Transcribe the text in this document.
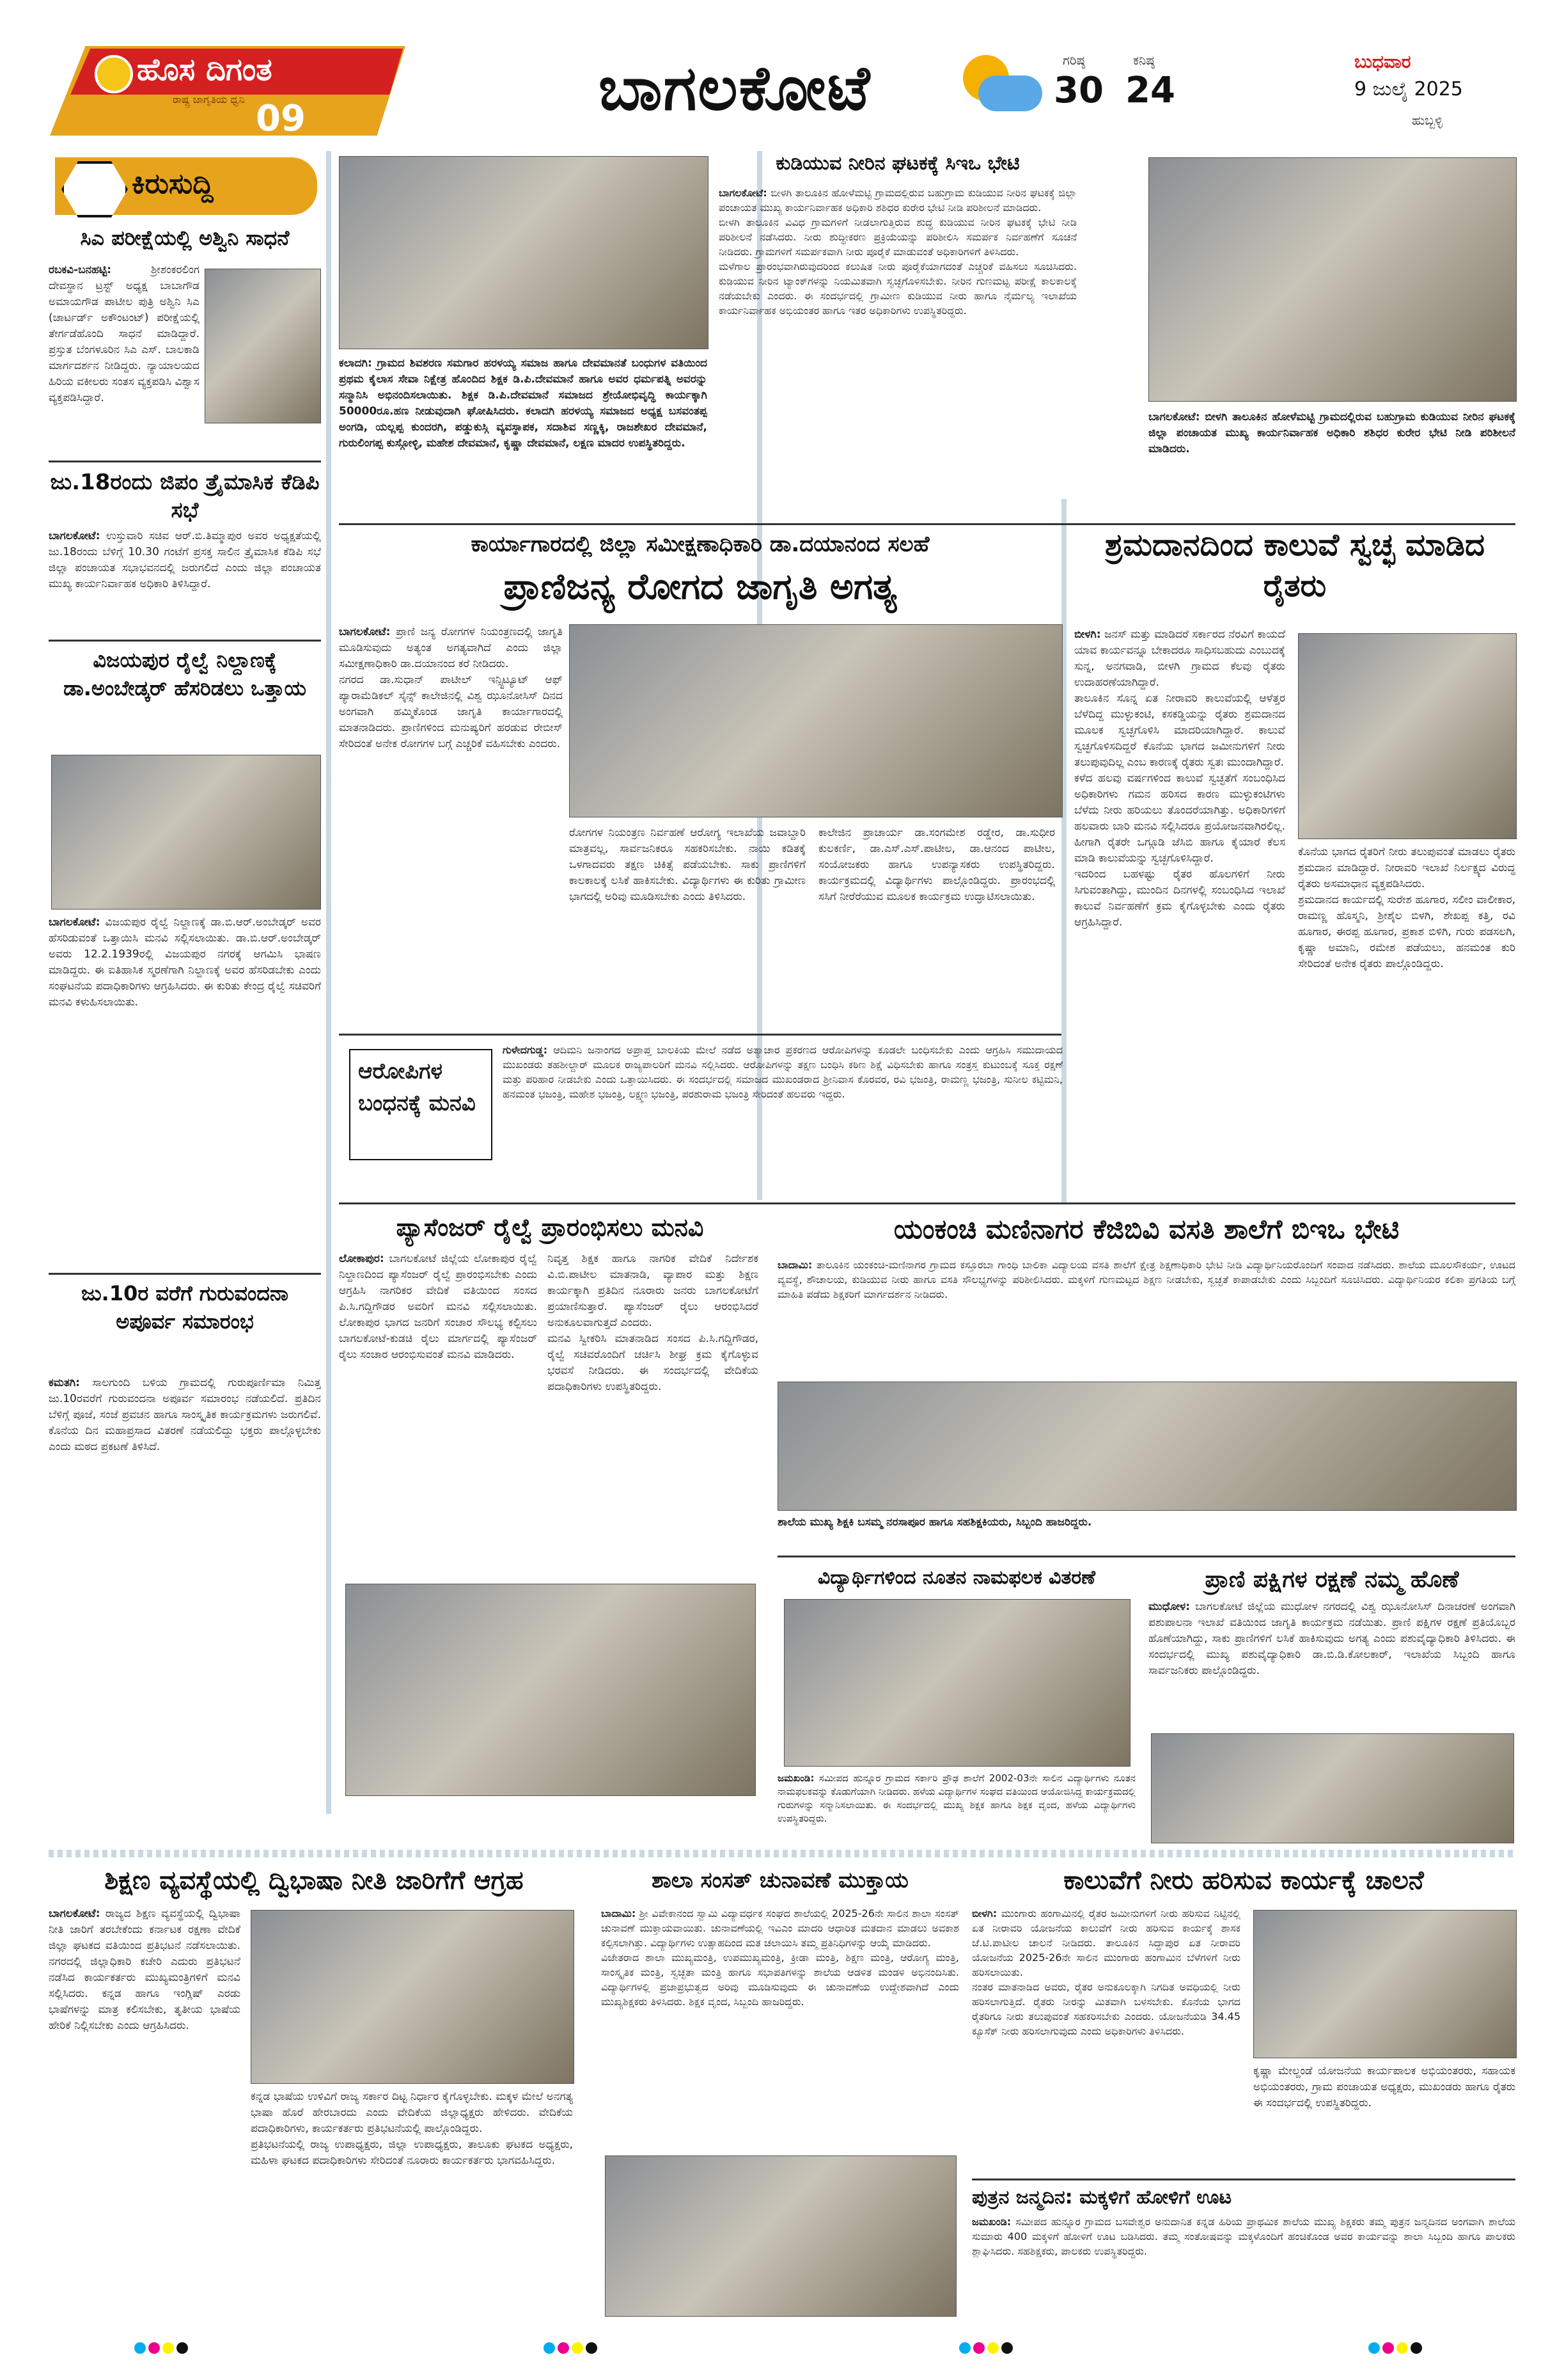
ಹೊಸ ದಿಗಂತ
ರಾಷ್ಟ್ರ ಜಾಗೃತಿಯ ಧ್ವನಿ 09	ಬಾಗಲಕೋಟೆ	ಗರಿಷ್ಠ
30
ಕನಿಷ್ಠ
24
ಬುಧವಾರ
9 ಜುಲೈ 2025
ಹುಬ್ಬಳ್ಳಿ
ಕಿರುಸುದ್ದಿ
ಸಿಎ ಪರೀಕ್ಷೆಯಲ್ಲಿ ಅಶ್ವಿನಿ ಸಾಧನೆ
ರಬಕವಿ-ಬನಹಟ್ಟಿ:	ಶ್ರೀಶಂಕರಲಿಂಗ ದೇವಸ್ಥಾನ ಟ್ರಸ್ಟ್ ಅಧ್ಯಕ್ಷ ಬಾಬಾಗೌಡ ಅಮಾಯಗೌಡ ಪಾಟೀಲ ಪುತ್ರಿ ಅಶ್ವಿನಿ ಸಿಎ (ಚಾರ್ಟರ್ಡ್ ಅಕೌಂಟಂಟ್) ಪರೀಕ್ಷೆಯಲ್ಲಿ ತೇರ್ಗಡೆಹೊಂದಿ ಸಾಧನೆ ಮಾಡಿದ್ದಾರೆ. ಪ್ರಸ್ತುತ ಬೆಂಗಳೂರಿನ ಸಿಎ ಎಸ್. ಬಾಲಕಾಡಿ ಮಾರ್ಗದರ್ಶನ ನೀಡಿದ್ದರು. ನ್ಯಾಯಾಲಯದ ಹಿರಿಯ ವಕೀಲರು ಸಂತಸ ವ್ಯಕ್ತಪಡಿಸಿ ವಿಶ್ವಾಸ ವ್ಯಕ್ತಪಡಿಸಿದ್ದಾರೆ.
ಜು.18ರಂದು ಜಿಪಂ ತ್ರೈಮಾಸಿಕ ಕೆಡಿಪಿ ಸಭೆ
ಬಾಗಲಕೋಟೆ: ಉಸ್ತುವಾರಿ ಸಚಿವ ಆರ್.ಬಿ.ತಿಮ್ಮಾಪುರ ಅವರ ಅಧ್ಯಕ್ಷತೆಯಲ್ಲಿ ಜು.18ರಂದು ಬೆಳಿಗ್ಗೆ 10.30 ಗಂಟೆಗೆ ಪ್ರಸಕ್ತ ಸಾಲಿನ ತ್ರೈಮಾಸಿಕ ಕೆಡಿಪಿ ಸಭೆ ಜಿಲ್ಲಾ ಪಂಚಾಯತ ಸಭಾಭವನದಲ್ಲಿ ಜರುಗಲಿದೆ ಎಂದು ಜಿಲ್ಲಾ ಪಂಚಾಯತ ಮುಖ್ಯ ಕಾರ್ಯನಿರ್ವಾಹಕ ಅಧಿಕಾರಿ ತಿಳಿಸಿದ್ದಾರೆ.
ವಿಜಯಪುರ ರೈಲ್ವೆ ನಿಲ್ದಾಣಕ್ಕೆ ಡಾ.ಅಂಬೇಡ್ಕರ್ ಹೆಸರಿಡಲು ಒತ್ತಾಯ
ಬಾಗಲಕೋಟೆ: ವಿಜಯಪುರ ರೈಲ್ವೆ ನಿಲ್ದಾಣಕ್ಕೆ ಡಾ.ಬಿ.ಆರ್.ಅಂಬೇಡ್ಕರ್ ಅವರ ಹೆಸರಿಡುವಂತೆ ಒತ್ತಾಯಿಸಿ ಮನವಿ ಸಲ್ಲಿಸಲಾಯಿತು. ಡಾ.ಬಿ.ಆರ್.ಅಂಬೇಡ್ಕರ್ ಅವರು 12.2.1939ರಲ್ಲಿ ವಿಜಯಪುರ ನಗರಕ್ಕೆ ಆಗಮಿಸಿ ಭಾಷಣ ಮಾಡಿದ್ದರು. ಈ ಐತಿಹಾಸಿಕ ಸ್ಮರಣೆಗಾಗಿ ನಿಲ್ದಾಣಕ್ಕೆ ಅವರ ಹೆಸರಿಡಬೇಕು ಎಂದು ಸಂಘಟನೆಯ ಪದಾಧಿಕಾರಿಗಳು ಆಗ್ರಹಿಸಿದರು. ಈ ಕುರಿತು ಕೇಂದ್ರ ರೈಲ್ವೆ ಸಚಿವರಿಗೆ ಮನವಿ ಕಳುಹಿಸಲಾಯಿತು.
ಜು.10ರ ವರೆಗೆ ಗುರುವಂದನಾ ಅಪೂರ್ವ ಸಮಾರಂಭ
ಕಮತಗಿ: ಸಾಲಗುಂದಿ ಬಳಿಯ ಗ್ರಾಮದಲ್ಲಿ ಗುರುಪೂರ್ಣಿಮಾ ನಿಮಿತ್ತ ಜು.10ರವರೆಗೆ ಗುರುವಂದನಾ ಅಪೂರ್ವ ಸಮಾರಂಭ ನಡೆಯಲಿದೆ. ಪ್ರತಿದಿನ ಬೆಳಿಗ್ಗೆ ಪೂಜೆ, ಸಂಜೆ ಪ್ರವಚನ ಹಾಗೂ ಸಾಂಸ್ಕೃತಿಕ ಕಾರ್ಯಕ್ರಮಗಳು ಜರುಗಲಿವೆ. ಕೊನೆಯ ದಿನ ಮಹಾಪ್ರಸಾದ ವಿತರಣೆ ನಡೆಯಲಿದ್ದು ಭಕ್ತರು ಪಾಲ್ಗೊಳ್ಳಬೇಕು ಎಂದು ಮಠದ ಪ್ರಕಟಣೆ ತಿಳಿಸಿದೆ.
ಕಲಾದಗಿ: ಗ್ರಾಮದ ಶಿವಶರಣ ಸಮಗಾರ ಹರಳಯ್ಯ ಸಮಾಜ ಹಾಗೂ ದೇವಮಾನತೆ ಬಂಧುಗಳ ವತಿಯಿಂದ ಪ್ರಥಮ ಕೈಲಾಸ ಸೇವಾ ನಿಕ್ಷೇತ್ರ ಹೊಂದಿದ ಶಿಕ್ಷಕ ಡಿ.ಪಿ.ದೇವಮಾನೆ ಹಾಗೂ ಅವರ ಧರ್ಮಪತ್ನಿ ಅವರನ್ನು ಸನ್ಮಾನಿಸಿ ಅಭಿನಂದಿಸಲಾಯಿತು. ಶಿಕ್ಷಕ ಡಿ.ಪಿ.ದೇವಮಾನೆ ಸಮಾಜದ ಶ್ರೇಯೋಭಿವೃದ್ಧಿ ಕಾರ್ಯಕ್ಕಾಗಿ 50000ರೂ.ಹಣ ನೀಡುವುದಾಗಿ ಘೋಷಿಸಿದರು. ಕಲಾದಗಿ ಹರಳಯ್ಯ ಸಮಾಜದ ಅಧ್ಯಕ್ಷ ಬಸವಂತಪ್ಪ ಅಂಗಡಿ, ಯಲ್ಲಪ್ಪ ಕುಂದರಗಿ, ಪಡ್ಡುಕುಸ್ಗಿ ವ್ಯವಸ್ಥಾಪಕ, ಸದಾಶಿವ ಸಣ್ಣಕ್ಕಿ, ರಾಜಶೇಖರ ದೇವಮಾನೆ, ಗುರುಲಿಂಗಪ್ಪ ಕುಸ್ಗೋಳ್ಳಿ, ಮಹೇಶ ದೇವಮಾನೆ, ಕೃಷ್ಣಾ ದೇವಮಾನೆ, ಲಕ್ಷಣ ಮಾದರ ಉಪಸ್ಥಿತರಿದ್ದರು.
ಕುಡಿಯುವ ನೀರಿನ ಘಟಕಕ್ಕೆ ಸಿಇಒ ಭೇಟಿ
ಬಾಗಲಕೋಟೆ: ಬೀಳಗಿ ತಾಲೂಕಿನ ಹೋಳೆಮಟ್ಟಿ ಗ್ರಾಮದಲ್ಲಿರುವ ಬಹುಗ್ರಾಮ ಕುಡಿಯುವ ನೀರಿನ ಘಟಕಕ್ಕೆ ಜಿಲ್ಲಾ ಪಂಚಾಯತ ಮುಖ್ಯ ಕಾರ್ಯನಿರ್ವಾಹಕ ಅಧಿಕಾರಿ ಶಶಿಧರ ಕುರೇರ ಭೇಟಿ ನೀಡಿ ಪರಿಶೀಲನೆ ಮಾಡಿದರು.
ಬೀಳಗಿ ತಾಲೂಕಿನ ವಿವಿಧ ಗ್ರಾಮಗಳಿಗೆ ನೀಡಲಾಗುತ್ತಿರುವ ಶುದ್ಧ ಕುಡಿಯುವ ನೀರಿನ ಘಟಕಕ್ಕೆ ಭೇಟಿ ನೀಡಿ ಪರಿಶೀಲನೆ ನಡೆಸಿದರು. ನೀರು ಶುದ್ಧೀಕರಣ ಪ್ರಕ್ರಿಯೆಯನ್ನು ಪರಿಶೀಲಿಸಿ ಸಮರ್ಪಕ ನಿರ್ವಹಣೆಗೆ ಸೂಚನೆ ನೀಡಿದರು. ಗ್ರಾಮಗಳಿಗೆ ಸಮರ್ಪಕವಾಗಿ ನೀರು ಪೂರೈಕೆ ಮಾಡುವಂತೆ ಅಧಿಕಾರಿಗಳಿಗೆ ತಿಳಿಸಿದರು.
ಮಳೆಗಾಲ ಪ್ರಾರಂಭವಾಗಿರುವುದರಿಂದ ಕಲುಷಿತ ನೀರು ಪೂರೈಕೆಯಾಗದಂತೆ ಎಚ್ಚರಿಕೆ ವಹಿಸಲು ಸೂಚಿಸಿದರು. ಕುಡಿಯುವ ನೀರಿನ ಟ್ಯಾಂಕ್‌ಗಳನ್ನು ನಿಯಮಿತವಾಗಿ ಸ್ವಚ್ಛಗೊಳಿಸಬೇಕು. ನೀರಿನ ಗುಣಮಟ್ಟ ಪರೀಕ್ಷೆ ಕಾಲಕಾಲಕ್ಕೆ ನಡೆಯಬೇಕು ಎಂದರು. ಈ ಸಂದರ್ಭದಲ್ಲಿ ಗ್ರಾಮೀಣ ಕುಡಿಯುವ ನೀರು ಹಾಗೂ ನೈರ್ಮಲ್ಯ ಇಲಾಖೆಯ ಕಾರ್ಯನಿರ್ವಾಹಕ ಅಭಿಯಂತರ ಹಾಗೂ ಇತರ ಅಧಿಕಾರಿಗಳು ಉಪಸ್ಥಿತರಿದ್ದರು.
ಬಾಗಲಕೋಟೆ: ಬೀಳಗಿ ತಾಲೂಕಿನ ಹೋಳೆಮಟ್ಟಿ ಗ್ರಾಮದಲ್ಲಿರುವ ಬಹುಗ್ರಾಮ ಕುಡಿಯುವ ನೀರಿನ ಘಟಕಕ್ಕೆ ಜಿಲ್ಲಾ ಪಂಚಾಯತ ಮುಖ್ಯ ಕಾರ್ಯನಿರ್ವಾಹಕ ಅಧಿಕಾರಿ ಶಶಿಧರ ಕುರೇರ ಭೇಟಿ ನೀಡಿ ಪರಿಶೀಲನೆ ಮಾಡಿದರು.
ಕಾರ್ಯಾಗಾರದಲ್ಲಿ ಜಿಲ್ಲಾ ಸಮೀಕ್ಷಣಾಧಿಕಾರಿ ಡಾ.ದಯಾನಂದ ಸಲಹೆ
ಪ್ರಾಣಿಜನ್ಯ ರೋಗದ ಜಾಗೃತಿ ಅಗತ್ಯ
ಬಾಗಲಕೋಟೆ: ಪ್ರಾಣಿ ಜನ್ಯ ರೋಗಗಳ ನಿಯಂತ್ರಣದಲ್ಲಿ ಜಾಗೃತಿ ಮೂಡಿಸುವುದು ಅತ್ಯಂತ ಅಗತ್ಯವಾಗಿದೆ ಎಂದು ಜಿಲ್ಲಾ ಸಮೀಕ್ಷಣಾಧಿಕಾರಿ ಡಾ.ದಯಾನಂದ ಕರೆ ನೀಡಿದರು.
ನಗರದ ಡಾ.ಸುಧಾನ್ ಪಾಟೀಲ್ ಇನ್ಸ್ಟಿಟ್ಯೂಟ್ ಆಫ್ ಪ್ಯಾರಾಮೆಡಿಕಲ್ ಸೈನ್ಸ್ ಕಾಲೇಜಿನಲ್ಲಿ ವಿಶ್ವ ಝೂನೋಸಿಸ್ ದಿನದ ಅಂಗವಾಗಿ ಹಮ್ಮಿಕೊಂಡ ಜಾಗೃತಿ ಕಾರ್ಯಾಗಾರದಲ್ಲಿ ಮಾತನಾಡಿದರು. ಪ್ರಾಣಿಗಳಿಂದ ಮನುಷ್ಯರಿಗೆ ಹರಡುವ ರೇಬೀಸ್ ಸೇರಿದಂತೆ ಅನೇಕ ರೋಗಗಳ ಬಗ್ಗೆ ಎಚ್ಚರಿಕೆ ವಹಿಸಬೇಕು ಎಂದರು.
ರೋಗಗಳ ನಿಯಂತ್ರಣ ನಿರ್ವಹಣೆ ಆರೋಗ್ಯ ಇಲಾಖೆಯ ಜವಾಬ್ದಾರಿ ಮಾತ್ರವಲ್ಲ, ಸಾರ್ವಜನಿಕರೂ ಸಹಕರಿಸಬೇಕು. ನಾಯಿ ಕಡಿತಕ್ಕೆ ಒಳಗಾದವರು ತಕ್ಷಣ ಚಿಕಿತ್ಸೆ ಪಡೆಯಬೇಕು. ಸಾಕು ಪ್ರಾಣಿಗಳಿಗೆ ಕಾಲಕಾಲಕ್ಕೆ ಲಸಿಕೆ ಹಾಕಿಸಬೇಕು. ವಿದ್ಯಾರ್ಥಿಗಳು ಈ ಕುರಿತು ಗ್ರಾಮೀಣ ಭಾಗದಲ್ಲಿ ಅರಿವು ಮೂಡಿಸಬೇಕು ಎಂದು ತಿಳಿಸಿದರು.
ಕಾಲೇಜಿನ ಪ್ರಾಚಾರ್ಯ ಡಾ.ಸಂಗಮೇಶ ರಡ್ಡೇರ, ಡಾ.ಸುಧೀರ ಕುಲಕರ್ಣಿ, ಡಾ.ಎಸ್.ಎಸ್.ಪಾಟೀಲ, ಡಾ.ಆನಂದ ಪಾಟೀಲ, ಸಂಯೋಜಕರು ಹಾಗೂ ಉಪನ್ಯಾಸಕರು ಉಪಸ್ಥಿತರಿದ್ದರು. ಕಾರ್ಯಕ್ರಮದಲ್ಲಿ ವಿದ್ಯಾರ್ಥಿಗಳು ಪಾಲ್ಗೊಂಡಿದ್ದರು. ಪ್ರಾರಂಭದಲ್ಲಿ ಸಸಿಗೆ ನೀರೆರೆಯುವ ಮೂಲಕ ಕಾರ್ಯಕ್ರಮ ಉದ್ಘಾಟಿಸಲಾಯಿತು.
ಶ್ರಮದಾನದಿಂದ ಕಾಲುವೆ ಸ್ವಚ್ಛ ಮಾಡಿದ ರೈತರು
ಬೀಳಗಿ: ಜನಸ್ ಮತ್ತು ಮಾಡಿದರೆ ಸರ್ಕಾರದ ನೆರವಿಗೆ ಕಾಯದೆ ಯಾವ ಕಾರ್ಯವನ್ನೂ ಬೇಕಾದರೂ ಸಾಧಿಸಬಹುದು ಎಂಬುದಕ್ಕೆ ಸುನ್ನ, ಅನಗವಾಡಿ, ಬೀಳಗಿ ಗ್ರಾಮದ ಕೆಲವು ರೈತರು ಉದಾಹರಣೆಯಾಗಿದ್ದಾರೆ.
ತಾಲೂಕಿನ ಸೊನ್ನ ಏತ ನೀರಾವರಿ ಕಾಲುವೆಯಲ್ಲಿ ಆಳೆತ್ತರ ಬೆಳೆದಿದ್ದ ಮುಳ್ಳುಕಂಟಿ, ಕಸಕಡ್ಡಿಯನ್ನು ರೈತರು ಶ್ರಮದಾನದ ಮೂಲಕ ಸ್ವಚ್ಛಗೊಳಿಸಿ ಮಾದರಿಯಾಗಿದ್ದಾರೆ. ಕಾಲುವೆ ಸ್ವಚ್ಛಗೊಳಿಸದಿದ್ದರೆ ಕೊನೆಯ ಭಾಗದ ಜಮೀನುಗಳಿಗೆ ನೀರು ತಲುಪುವುದಿಲ್ಲ ಎಂಬ ಕಾರಣಕ್ಕೆ ರೈತರು ಸ್ವತಃ ಮುಂದಾಗಿದ್ದಾರೆ.
ಕಳೆದ ಹಲವು ವರ್ಷಗಳಿಂದ ಕಾಲುವೆ ಸ್ವಚ್ಛತೆಗೆ ಸಂಬಂಧಿಸಿದ ಅಧಿಕಾರಿಗಳು ಗಮನ ಹರಿಸದ ಕಾರಣ ಮುಳ್ಳುಕಂಟಿಗಳು ಬೆಳೆದು ನೀರು ಹರಿಯಲು ತೊಂದರೆಯಾಗಿತ್ತು. ಅಧಿಕಾರಿಗಳಿಗೆ ಹಲವಾರು ಬಾರಿ ಮನವಿ ಸಲ್ಲಿಸಿದರೂ ಪ್ರಯೋಜನವಾಗಿರಲಿಲ್ಲ. ಹೀಗಾಗಿ ರೈತರೇ ಒಗ್ಗೂಡಿ ಜೆಸಿಬಿ ಹಾಗೂ ಕೈಯಾರೆ ಕೆಲಸ ಮಾಡಿ ಕಾಲುವೆಯನ್ನು ಸ್ವಚ್ಛಗೊಳಿಸಿದ್ದಾರೆ.
ಇದರಿಂದ ಬಹಳಷ್ಟು ರೈತರ ಹೊಲಗಳಿಗೆ ನೀರು ಸಿಗುವಂತಾಗಿದ್ದು, ಮುಂದಿನ ದಿನಗಳಲ್ಲಿ ಸಂಬಂಧಿಸಿದ ಇಲಾಖೆ ಕಾಲುವೆ ನಿರ್ವಹಣೆಗೆ ಕ್ರಮ ಕೈಗೊಳ್ಳಬೇಕು ಎಂದು ರೈತರು ಆಗ್ರಹಿಸಿದ್ದಾರೆ.
ಕೊನೆಯ ಭಾಗದ ರೈತರಿಗೆ ನೀರು ತಲುಪುವಂತೆ ಮಾಡಲು ರೈತರು ಶ್ರಮದಾನ ಮಾಡಿದ್ದಾರೆ. ನೀರಾವರಿ ಇಲಾಖೆ ನಿರ್ಲಕ್ಷ್ಯದ ವಿರುದ್ಧ ರೈತರು ಅಸಮಾಧಾನ ವ್ಯಕ್ತಪಡಿಸಿದರು.
ಶ್ರಮದಾನದ ಕಾರ್ಯದಲ್ಲಿ ಸುರೇಶ ಹೂಗಾರ, ಸಲೀಂ ವಾಲೀಕಾರ, ರಾಮಣ್ಣ ಹೊಸ್ಮನಿ, ಶ್ರೀಶೈಲ ಬಿಳಗಿ, ಶೇಖಪ್ಪ ಕತ್ತಿ, ರವಿ ಹೂಗಾರ, ಈರಪ್ಪ ಹೂಗಾರ, ಪ್ರಕಾಶ ಬಿಳಿಗಿ, ಗುರು ಪಡಸಲಗಿ, ಕೃಷ್ಣಾ ಅಮಾನಿ, ರಮೇಶ ಪಡೆಯಲು, ಹನಮಂತ ಕುರಿ ಸೇರಿದಂತೆ ಅನೇಕ ರೈತರು ಪಾಲ್ಗೊಂಡಿದ್ದರು.
ಆರೋಪಿಗಳ ಬಂಧನಕ್ಕೆ ಮನವಿ
ಗುಳೇದಗುಡ್ಡ: ಆದಿಮನಿ ಜನಾಂಗದ ಅಪ್ರಾಪ್ತ ಬಾಲಕಿಯ ಮೇಲೆ ನಡೆದ ಅತ್ಯಾಚಾರ ಪ್ರಕರಣದ ಆರೋಪಿಗಳನ್ನು ಕೂಡಲೇ ಬಂಧಿಸಬೇಕು ಎಂದು ಆಗ್ರಹಿಸಿ ಸಮುದಾಯದ ಮುಖಂಡರು ತಹಶೀಲ್ದಾರ್ ಮೂಲಕ ರಾಜ್ಯಪಾಲರಿಗೆ ಮನವಿ ಸಲ್ಲಿಸಿದರು. ಆರೋಪಿಗಳನ್ನು ತಕ್ಷಣ ಬಂಧಿಸಿ ಕಠಿಣ ಶಿಕ್ಷೆ ವಿಧಿಸಬೇಕು ಹಾಗೂ ಸಂತ್ರಸ್ತ ಕುಟುಂಬಕ್ಕೆ ಸೂಕ್ತ ರಕ್ಷಣೆ ಮತ್ತು ಪರಿಹಾರ ನೀಡಬೇಕು ಎಂದು ಒತ್ತಾಯಿಸಿದರು. ಈ ಸಂದರ್ಭದಲ್ಲಿ ಸಮಾಜದ ಮುಖಂಡರಾದ ಶ್ರೀನಿವಾಸ ಕೊರವರ, ರವಿ ಭಜಂತ್ರಿ, ರಾಮಣ್ಣ ಭಜಂತ್ರಿ, ಸುನೀಲ ಕಟ್ಟಿಮನಿ, ಹನಮಂತ ಭಜಂತ್ರಿ, ಮಹೇಶ ಭಜಂತ್ರಿ, ಲಕ್ಷ್ಮಣ ಭಜಂತ್ರಿ, ಪರಶುರಾಮ ಭಜಂತ್ರಿ ಸೇರಿದಂತೆ ಹಲವರು ಇದ್ದರು.
ಪ್ಯಾಸೆಂಜರ್ ರೈಲ್ವೆ ಪ್ರಾರಂಭಿಸಲು ಮನವಿ
ಲೋಕಾಪುರ: ಬಾಗಲಕೋಟೆ ಜಿಲ್ಲೆಯ ಲೋಕಾಪುರ ರೈಲ್ವೆ ನಿಲ್ದಾಣದಿಂದ ಪ್ಯಾಸೆಂಜರ್ ರೈಲ್ವೆ ಪ್ರಾರಂಭಿಸಬೇಕು ಎಂದು ಆಗ್ರಹಿಸಿ ನಾಗರಿಕರ ವೇದಿಕೆ ವತಿಯಿಂದ ಸಂಸದ ಪಿ.ಸಿ.ಗದ್ದಿಗೌಡರ ಅವರಿಗೆ ಮನವಿ ಸಲ್ಲಿಸಲಾಯಿತು. ಲೋಕಾಪುರ ಭಾಗದ ಜನರಿಗೆ ಸಂಚಾರ ಸೌಲಭ್ಯ ಕಲ್ಪಿಸಲು ಬಾಗಲಕೋಟೆ-ಕುಡಚಿ ರೈಲು ಮಾರ್ಗದಲ್ಲಿ ಪ್ಯಾಸೆಂಜರ್ ರೈಲು ಸಂಚಾರ ಆರಂಭಿಸುವಂತೆ ಮನವಿ ಮಾಡಿದರು.
ನಿವೃತ್ತ ಶಿಕ್ಷಕ ಹಾಗೂ ನಾಗರಿಕ ವೇದಿಕೆ ನಿರ್ದೇಶಕ ವಿ.ಬಿ.ಪಾಟೀಲ ಮಾತನಾಡಿ, ವ್ಯಾಪಾರ ಮತ್ತು ಶಿಕ್ಷಣ ಕಾರ್ಯಕ್ಕಾಗಿ ಪ್ರತಿದಿನ ನೂರಾರು ಜನರು ಬಾಗಲಕೋಟೆಗೆ ಪ್ರಯಾಣಿಸುತ್ತಾರೆ. ಪ್ಯಾಸೆಂಜರ್ ರೈಲು ಆರಂಭಿಸಿದರೆ ಅನುಕೂಲವಾಗುತ್ತದೆ ಎಂದರು.
ಮನವಿ ಸ್ವೀಕರಿಸಿ ಮಾತನಾಡಿದ ಸಂಸದ ಪಿ.ಸಿ.ಗದ್ದಿಗೌಡರ, ರೈಲ್ವೆ ಸಚಿವರೊಂದಿಗೆ ಚರ್ಚಿಸಿ ಶೀಘ್ರ ಕ್ರಮ ಕೈಗೊಳ್ಳುವ ಭರವಸೆ ನೀಡಿದರು. ಈ ಸಂದರ್ಭದಲ್ಲಿ ವೇದಿಕೆಯ ಪದಾಧಿಕಾರಿಗಳು ಉಪಸ್ಥಿತರಿದ್ದರು.
ಯಂಕಂಚಿ ಮಣಿನಾಗರ ಕೆಜಿಬಿವಿ ವಸತಿ ಶಾಲೆಗೆ ಬಿಇಒ ಭೇಟಿ
ಬಾದಾಮಿ: ತಾಲೂಕಿನ ಯಂಕಂಚಿ-ಮಣಿನಾಗರ ಗ್ರಾಮದ ಕಸ್ತೂರಬಾ ಗಾಂಧಿ ಬಾಲಿಕಾ ವಿದ್ಯಾಲಯ ವಸತಿ ಶಾಲೆಗೆ ಕ್ಷೇತ್ರ ಶಿಕ್ಷಣಾಧಿಕಾರಿ ಭೇಟಿ ನೀಡಿ ವಿದ್ಯಾರ್ಥಿನಿಯರೊಂದಿಗೆ ಸಂವಾದ ನಡೆಸಿದರು. ಶಾಲೆಯ ಮೂಲಸೌಕರ್ಯ, ಊಟದ ವ್ಯವಸ್ಥೆ, ಶೌಚಾಲಯ, ಕುಡಿಯುವ ನೀರು ಹಾಗೂ ವಸತಿ ಸೌಲಭ್ಯಗಳನ್ನು ಪರಿಶೀಲಿಸಿದರು. ಮಕ್ಕಳಿಗೆ ಗುಣಮಟ್ಟದ ಶಿಕ್ಷಣ ನೀಡಬೇಕು, ಸ್ವಚ್ಛತೆ ಕಾಪಾಡಬೇಕು ಎಂದು ಸಿಬ್ಬಂದಿಗೆ ಸೂಚಿಸಿದರು. ವಿದ್ಯಾರ್ಥಿನಿಯರ ಕಲಿಕಾ ಪ್ರಗತಿಯ ಬಗ್ಗೆ ಮಾಹಿತಿ ಪಡೆದು ಶಿಕ್ಷಕರಿಗೆ ಮಾರ್ಗದರ್ಶನ ನೀಡಿದರು.
ಶಾಲೆಯ ಮುಖ್ಯ ಶಿಕ್ಷಕಿ ಬಸಮ್ಮ ನರಸಾಪೂರ ಹಾಗೂ ಸಹಶಿಕ್ಷಕಿಯರು, ಸಿಬ್ಬಂದಿ ಹಾಜರಿದ್ದರು.
ವಿದ್ಯಾರ್ಥಿಗಳಿಂದ ನೂತನ ನಾಮಫಲಕ ವಿತರಣೆ
ಜಮಖಂಡಿ: ಸಮೀಪದ ಹುನ್ನೂರ ಗ್ರಾಮದ ಸರ್ಕಾರಿ ಪ್ರೌಢ ಶಾಲೆಗೆ 2002-03ನೇ ಸಾಲಿನ ವಿದ್ಯಾರ್ಥಿಗಳು ನೂತನ ನಾಮಫಲಕವನ್ನು ಕೊಡುಗೆಯಾಗಿ ನೀಡಿದರು. ಹಳೆಯ ವಿದ್ಯಾರ್ಥಿಗಳ ಸಂಘದ ವತಿಯಿಂದ ಆಯೋಜಿಸಿದ್ದ ಕಾರ್ಯಕ್ರಮದಲ್ಲಿ ಗುರುಗಳನ್ನು ಸನ್ಮಾನಿಸಲಾಯಿತು. ಈ ಸಂದರ್ಭದಲ್ಲಿ ಮುಖ್ಯ ಶಿಕ್ಷಕ ಹಾಗೂ ಶಿಕ್ಷಕ ವೃಂದ, ಹಳೆಯ ವಿದ್ಯಾರ್ಥಿಗಳು ಉಪಸ್ಥಿತರಿದ್ದರು.
ಪ್ರಾಣಿ ಪಕ್ಷಿಗಳ ರಕ್ಷಣೆ ನಮ್ಮ ಹೊಣೆ
ಮುಧೋಳ: ಬಾಗಲಕೋಟೆ ಜಿಲ್ಲೆಯ ಮುಧೋಳ ನಗರದಲ್ಲಿ ವಿಶ್ವ ಝೂನೋಸಿಸ್ ದಿನಾಚರಣೆ ಅಂಗವಾಗಿ ಪಶುಪಾಲನಾ ಇಲಾಖೆ ವತಿಯಿಂದ ಜಾಗೃತಿ ಕಾರ್ಯಕ್ರಮ ನಡೆಯಿತು. ಪ್ರಾಣಿ ಪಕ್ಷಿಗಳ ರಕ್ಷಣೆ ಪ್ರತಿಯೊಬ್ಬರ ಹೊಣೆಯಾಗಿದ್ದು, ಸಾಕು ಪ್ರಾಣಿಗಳಿಗೆ ಲಸಿಕೆ ಹಾಕಿಸುವುದು ಅಗತ್ಯ ಎಂದು ಪಶುವೈದ್ಯಾಧಿಕಾರಿ ತಿಳಿಸಿದರು. ಈ ಸಂದರ್ಭದಲ್ಲಿ ಮುಖ್ಯ ಪಶುವೈದ್ಯಾಧಿಕಾರಿ ಡಾ.ಬಿ.ಡಿ.ಕೋಲಕಾರ್, ಇಲಾಖೆಯ ಸಿಬ್ಬಂದಿ ಹಾಗೂ ಸಾರ್ವಜನಿಕರು ಪಾಲ್ಗೊಂಡಿದ್ದರು.
ಶಿಕ್ಷಣ ವ್ಯವಸ್ಥೆಯಲ್ಲಿ ದ್ವಿಭಾಷಾ ನೀತಿ ಜಾರಿಗೆಗೆ ಆಗ್ರಹ
ಬಾಗಲಕೋಟೆ: ರಾಜ್ಯದ ಶಿಕ್ಷಣ ವ್ಯವಸ್ಥೆಯಲ್ಲಿ ದ್ವಿಭಾಷಾ ನೀತಿ ಜಾರಿಗೆ ತರಬೇಕೆಂದು ಕರ್ನಾಟಕ ರಕ್ಷಣಾ ವೇದಿಕೆ ಜಿಲ್ಲಾ ಘಟಕದ ವತಿಯಿಂದ ಪ್ರತಿಭಟನೆ ನಡೆಸಲಾಯಿತು. ನಗರದಲ್ಲಿ ಜಿಲ್ಲಾಧಿಕಾರಿ ಕಚೇರಿ ಎದುರು ಪ್ರತಿಭಟನೆ ನಡೆಸಿದ ಕಾರ್ಯಕರ್ತರು ಮುಖ್ಯಮಂತ್ರಿಗಳಿಗೆ ಮನವಿ ಸಲ್ಲಿಸಿದರು. ಕನ್ನಡ ಹಾಗೂ ಇಂಗ್ಲಿಷ್ ಎರಡು ಭಾಷೆಗಳನ್ನು ಮಾತ್ರ ಕಲಿಸಬೇಕು, ತೃತೀಯ ಭಾಷೆಯ ಹೇರಿಕೆ ನಿಲ್ಲಿಸಬೇಕು ಎಂದು ಆಗ್ರಹಿಸಿದರು.
ಕನ್ನಡ ಭಾಷೆಯ ಉಳಿವಿಗೆ ರಾಜ್ಯ ಸರ್ಕಾರ ದಿಟ್ಟ ನಿರ್ಧಾರ ಕೈಗೊಳ್ಳಬೇಕು. ಮಕ್ಕಳ ಮೇಲೆ ಅನಗತ್ಯ ಭಾಷಾ ಹೊರೆ ಹೇರಬಾರದು ಎಂದು ವೇದಿಕೆಯ ಜಿಲ್ಲಾಧ್ಯಕ್ಷರು ಹೇಳಿದರು. ವೇದಿಕೆಯ ಪದಾಧಿಕಾರಿಗಳು, ಕಾರ್ಯಕರ್ತರು ಪ್ರತಿಭಟನೆಯಲ್ಲಿ ಪಾಲ್ಗೊಂಡಿದ್ದರು.
ಪ್ರತಿಭಟನೆಯಲ್ಲಿ ರಾಜ್ಯ ಉಪಾಧ್ಯಕ್ಷರು, ಜಿಲ್ಲಾ ಉಪಾಧ್ಯಕ್ಷರು, ತಾಲೂಕು ಘಟಕದ ಅಧ್ಯಕ್ಷರು, ಮಹಿಳಾ ಘಟಕದ ಪದಾಧಿಕಾರಿಗಳು ಸೇರಿದಂತೆ ನೂರಾರು ಕಾರ್ಯಕರ್ತರು ಭಾಗವಹಿಸಿದ್ದರು.
ಶಾಲಾ ಸಂಸತ್ ಚುನಾವಣೆ ಮುಕ್ತಾಯ
ಬಾದಾಮಿ: ಶ್ರೀ ವಿವೇಕಾನಂದ ಸ್ವಾಮಿ ವಿದ್ಯಾವರ್ಧಕ ಸಂಘದ ಶಾಲೆಯಲ್ಲಿ 2025-26ನೇ ಸಾಲಿನ ಶಾಲಾ ಸಂಸತ್ ಚುನಾವಣೆ ಮುಕ್ತಾಯವಾಯಿತು. ಚುನಾವಣೆಯಲ್ಲಿ ಇವಿಎಂ ಮಾದರಿ ಆಧಾರಿತ ಮತದಾನ ಮಾಡಲು ಅವಕಾಶ ಕಲ್ಪಿಸಲಾಗಿತ್ತು. ವಿದ್ಯಾರ್ಥಿಗಳು ಉತ್ಸಾಹದಿಂದ ಮತ ಚಲಾಯಿಸಿ ತಮ್ಮ ಪ್ರತಿನಿಧಿಗಳನ್ನು ಆಯ್ಕೆ ಮಾಡಿದರು.
ವಿಜೇತರಾದ ಶಾಲಾ ಮುಖ್ಯಮಂತ್ರಿ, ಉಪಮುಖ್ಯಮಂತ್ರಿ, ಕ್ರೀಡಾ ಮಂತ್ರಿ, ಶಿಕ್ಷಣ ಮಂತ್ರಿ, ಆರೋಗ್ಯ ಮಂತ್ರಿ, ಸಾಂಸ್ಕೃತಿಕ ಮಂತ್ರಿ, ಸ್ವಚ್ಛತಾ ಮಂತ್ರಿ ಹಾಗೂ ಸಭಾಪತಿಗಳನ್ನು ಶಾಲೆಯ ಆಡಳಿತ ಮಂಡಳಿ ಅಭಿನಂದಿಸಿತು. ವಿದ್ಯಾರ್ಥಿಗಳಲ್ಲಿ ಪ್ರಜಾಪ್ರಭುತ್ವದ ಅರಿವು ಮೂಡಿಸುವುದು ಈ ಚುನಾವಣೆಯ ಉದ್ದೇಶವಾಗಿದೆ ಎಂದು ಮುಖ್ಯಶಿಕ್ಷಕರು ತಿಳಿಸಿದರು. ಶಿಕ್ಷಕ ವೃಂದ, ಸಿಬ್ಬಂದಿ ಹಾಜರಿದ್ದರು.
ಕಾಲುವೆಗೆ ನೀರು ಹರಿಸುವ ಕಾರ್ಯಕ್ಕೆ ಚಾಲನೆ
ಬೀಳಗಿ: ಮುಂಗಾರು ಹಂಗಾಮಿನಲ್ಲಿ ರೈತರ ಜಮೀನುಗಳಿಗೆ ನೀರು ಹರಿಸುವ ನಿಟ್ಟಿನಲ್ಲಿ ಏತ ನೀರಾವರಿ ಯೋಜನೆಯ ಕಾಲುವೆಗೆ ನೀರು ಹರಿಸುವ ಕಾರ್ಯಕ್ಕೆ ಶಾಸಕ ಜೆ.ಟಿ.ಪಾಟೀಲ ಚಾಲನೆ ನೀಡಿದರು. ತಾಲೂಕಿನ ಸಿದ್ದಾಪುರ ಏತ ನೀರಾವರಿ ಯೋಜನೆಯ 2025-26ನೇ ಸಾಲಿನ ಮುಂಗಾರು ಹಂಗಾಮಿನ ಬೆಳೆಗಳಿಗೆ ನೀರು ಹರಿಸಲಾಯಿತು.
ನಂತರ ಮಾತನಾಡಿದ ಅವರು, ರೈತರ ಅನುಕೂಲಕ್ಕಾಗಿ ನಿಗದಿತ ಅವಧಿಯಲ್ಲಿ ನೀರು ಹರಿಸಲಾಗುತ್ತಿದೆ. ರೈತರು ನೀರನ್ನು ಮಿತವಾಗಿ ಬಳಸಬೇಕು. ಕೊನೆಯ ಭಾಗದ ರೈತರಿಗೂ ನೀರು ತಲುಪುವಂತೆ ಸಹಕರಿಸಬೇಕು ಎಂದರು. ಯೋಜನೆಯಡಿ 34.45 ಕ್ಯೂಸೆಕ್ ನೀರು ಹರಿಸಲಾಗುವುದು ಎಂದು ಅಧಿಕಾರಿಗಳು ತಿಳಿಸಿದರು.
ಕೃಷ್ಣಾ ಮೇಲ್ದಂಡೆ ಯೋಜನೆಯ ಕಾರ್ಯಪಾಲಕ ಅಭಿಯಂತರರು, ಸಹಾಯಕ ಅಭಿಯಂತರರು, ಗ್ರಾಮ ಪಂಚಾಯತ ಅಧ್ಯಕ್ಷರು, ಮುಖಂಡರು ಹಾಗೂ ರೈತರು ಈ ಸಂದರ್ಭದಲ್ಲಿ ಉಪಸ್ಥಿತರಿದ್ದರು.
ಪುತ್ರನ ಜನ್ಮದಿನ: ಮಕ್ಕಳಿಗೆ ಹೋಳಿಗೆ ಊಟ
ಜಮಖಂಡಿ: ಸಮೀಪದ ಹುನ್ನೂರ ಗ್ರಾಮದ ಬಸವೇಶ್ವರ ಅನುದಾನಿತ ಕನ್ನಡ ಹಿರಿಯ ಪ್ರಾಥಮಿಕ ಶಾಲೆಯ ಮುಖ್ಯ ಶಿಕ್ಷಕರು ತಮ್ಮ ಪುತ್ರನ ಜನ್ಮದಿನದ ಅಂಗವಾಗಿ ಶಾಲೆಯ ಸುಮಾರು 400 ಮಕ್ಕಳಿಗೆ ಹೋಳಿಗೆ ಊಟ ಬಡಿಸಿದರು. ತಮ್ಮ ಸಂತೋಷವನ್ನು ಮಕ್ಕಳೊಂದಿಗೆ ಹಂಚಿಕೊಂಡ ಅವರ ಕಾರ್ಯವನ್ನು ಶಾಲಾ ಸಿಬ್ಬಂದಿ ಹಾಗೂ ಪಾಲಕರು ಶ್ಲಾಘಿಸಿದರು. ಸಹಶಿಕ್ಷಕರು, ಪಾಲಕರು ಉಪಸ್ಥಿತರಿದ್ದರು.
